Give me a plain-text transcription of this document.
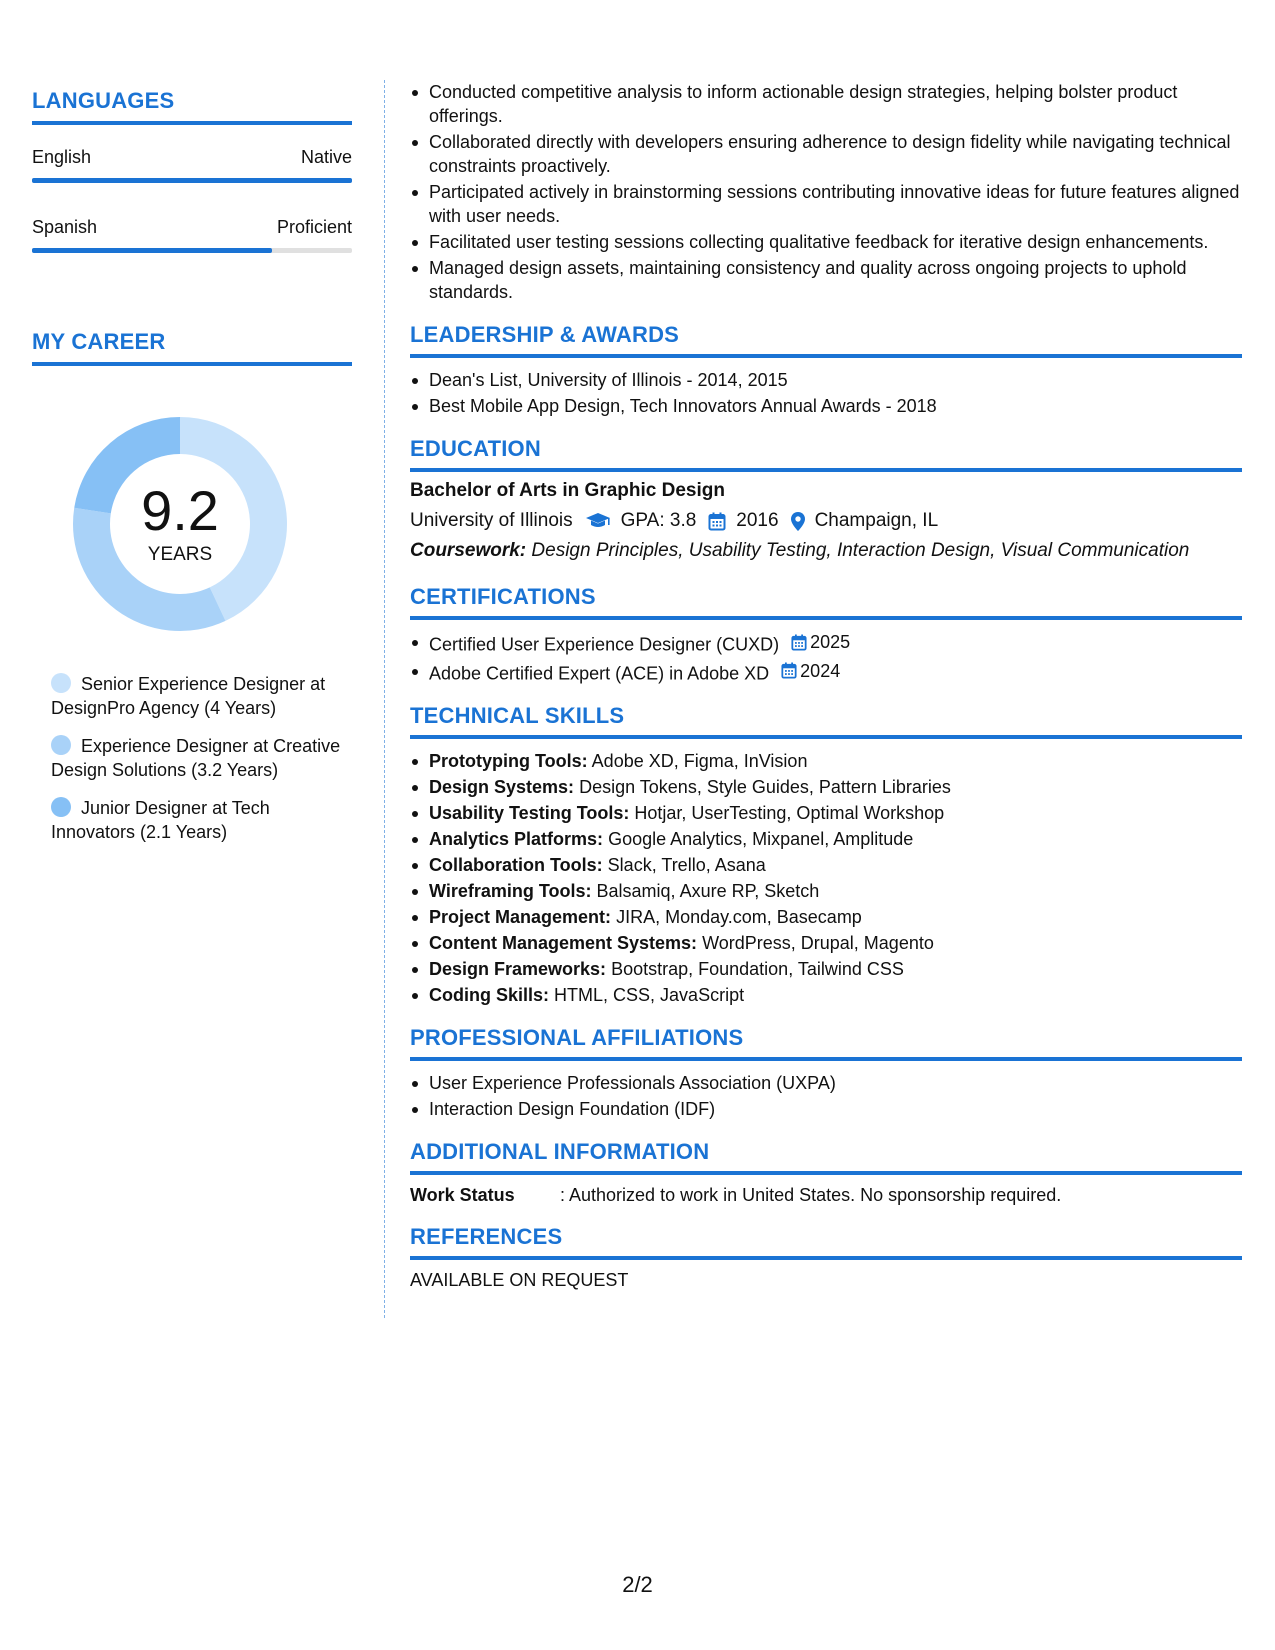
LANGUAGES
English	Native
Spanish	Proficient
MY CAREER
9.2
YEARS
Senior Experience Designer at DesignPro Agency (4 Years)
Experience Designer at Creative Design Solutions (3.2 Years)
Junior Designer at Tech Innovators (2.1 Years)
Conducted competitive analysis to inform actionable design strategies, helping bolster product offerings.
Collaborated directly with developers ensuring adherence to design fidelity while navigating technical constraints proactively.
Participated actively in brainstorming sessions contributing innovative ideas for future features aligned with user needs.
Facilitated user testing sessions collecting qualitative feedback for iterative design enhancements.
Managed design assets, maintaining consistency and quality across ongoing projects to uphold standards.
LEADERSHIP & AWARDS
Dean's List, University of Illinois - 2014, 2015
Best Mobile App Design, Tech Innovators Annual Awards - 2018
EDUCATION
Bachelor of Arts in Graphic Design
University of Illinois	GPA: 3.8 2016 Champaign, IL
Coursework: Design Principles, Usability Testing, Interaction Design, Visual Communication
CERTIFICATIONS
Certified User Experience Designer (CUXD) 2025
Adobe Certified Expert (ACE) in Adobe XD 2024
TECHNICAL SKILLS
Prototyping Tools: Adobe XD, Figma, InVision
Design Systems: Design Tokens, Style Guides, Pattern Libraries
Usability Testing Tools: Hotjar, UserTesting, Optimal Workshop
Analytics Platforms: Google Analytics, Mixpanel, Amplitude
Collaboration Tools: Slack, Trello, Asana
Wireframing Tools: Balsamiq, Axure RP, Sketch
Project Management: JIRA, Monday.com, Basecamp
Content Management Systems: WordPress, Drupal, Magento
Design Frameworks: Bootstrap, Foundation, Tailwind CSS
Coding Skills: HTML, CSS, JavaScript
PROFESSIONAL AFFILIATIONS
User Experience Professionals Association (UXPA)
Interaction Design Foundation (IDF)
ADDITIONAL INFORMATION
Work Status	: Authorized to work in United States. No sponsorship required.
REFERENCES
AVAILABLE ON REQUEST
2/2
